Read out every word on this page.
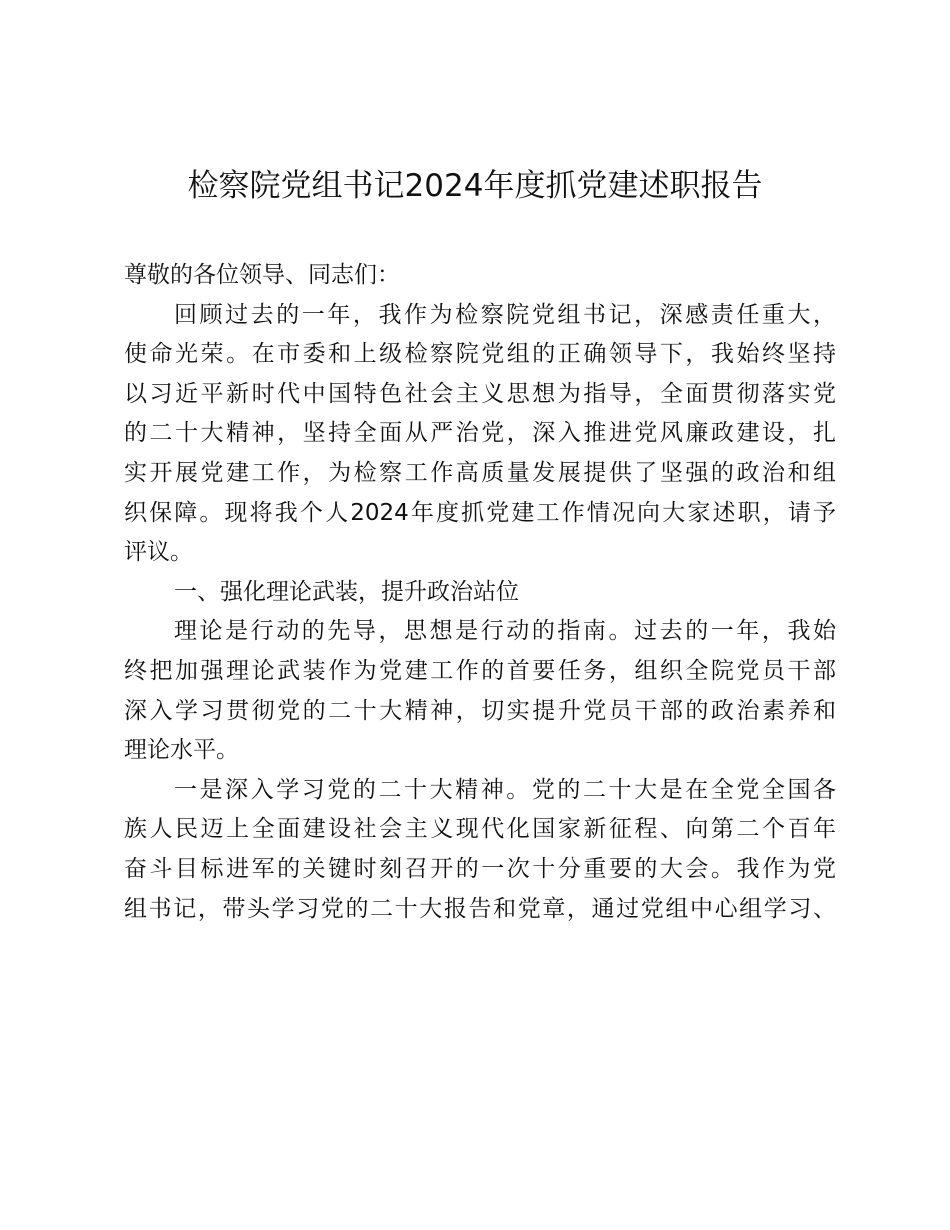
检察院党组书记2024年度抓党建述职报告

尊敬的各位领导、同志们：

回顾过去的一年，我作为检察院党组书记，深感责任重大，

使命光荣。在市委和上级检察院党组的正确领导下，我始终坚持

以习近平新时代中国特色社会主义思想为指导，全面贯彻落实党

的二十大精神，坚持全面从严治党，深入推进党风廉政建设，扎

实开展党建工作，为检察工作高质量发展提供了坚强的政治和组

织保障。现将我个人2024年度抓党建工作情况向大家述职，请予

评议。

一、强化理论武装，提升政治站位

理论是行动的先导，思想是行动的指南。过去的一年，我始

终把加强理论武装作为党建工作的首要任务，组织全院党员干部

深入学习贯彻党的二十大精神，切实提升党员干部的政治素养和

理论水平。

一是深入学习党的二十大精神。党的二十大是在全党全国各

族人民迈上全面建设社会主义现代化国家新征程、向第二个百年

奋斗目标进军的关键时刻召开的一次十分重要的大会。我作为党

组书记，带头学习党的二十大报告和党章，通过党组中心组学习、
